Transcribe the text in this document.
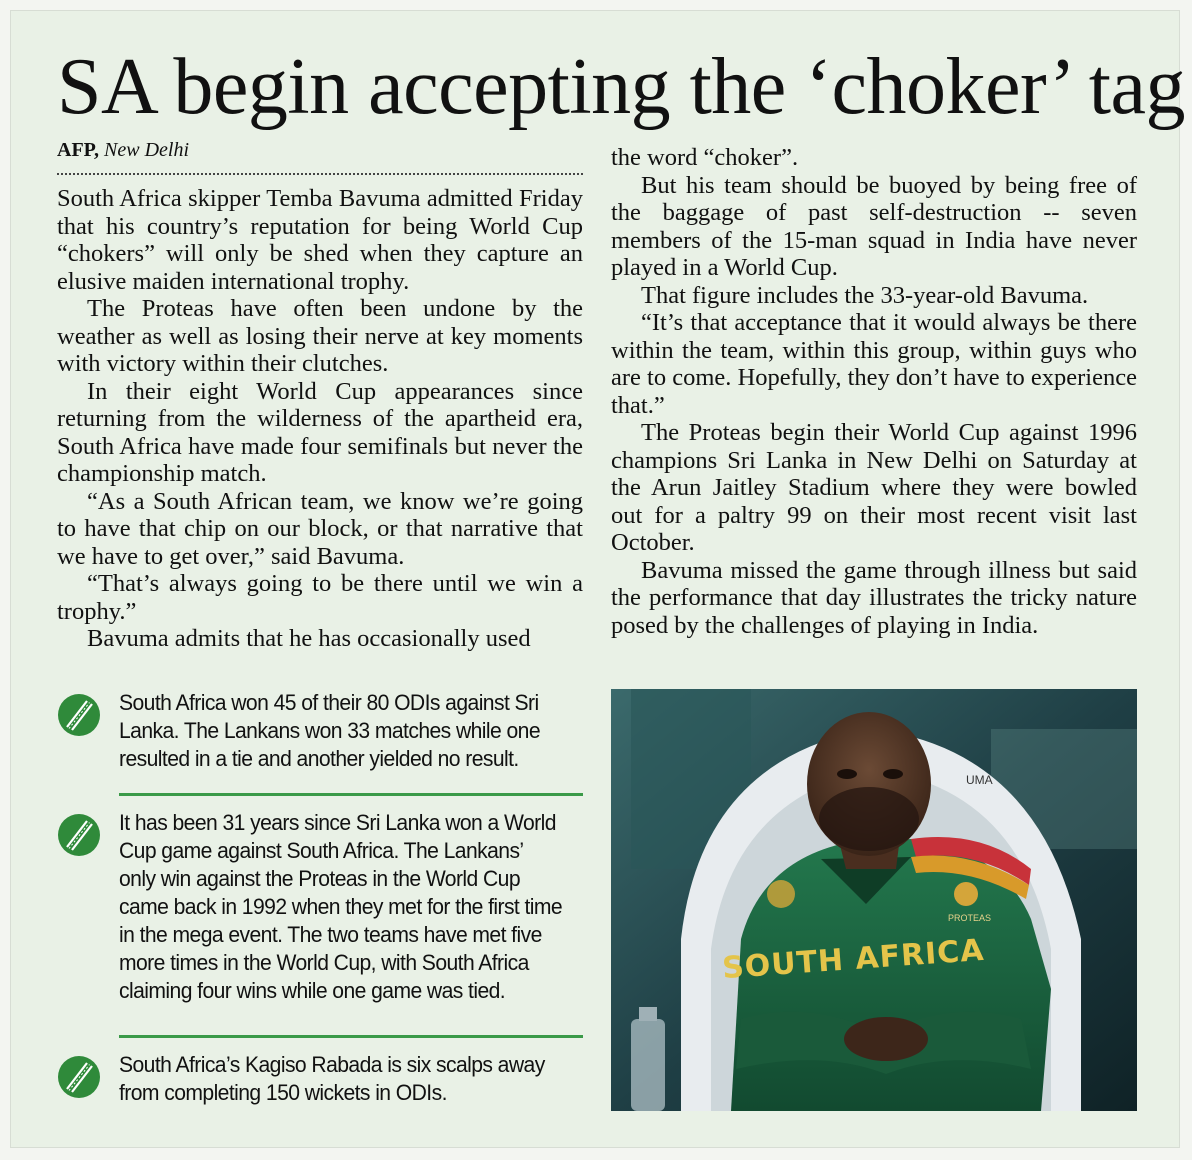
SA begin accepting the ‘choker’ tag
AFP, New Delhi

South Africa skipper Temba Bavuma admitted Friday that his country’s reputation for being World Cup “chokers” will only be shed when they capture an elusive maiden international trophy.

The Proteas have often been undone by the weather as well as losing their nerve at key moments with victory within their clutches.

In their eight World Cup appearances since returning from the wilderness of the apartheid era, South Africa have made four semifinals but never the championship match.

“As a South African team, we know we’re going to have that chip on our block, or that narrative that we have to get over,” said Bavuma.

“That’s always going to be there until we win a trophy.”

Bavuma admits that he has occasionally used

the word “choker”.

But his team should be buoyed by being free of the baggage of past self-destruction -- seven members of the 15-man squad in India have never played in a World Cup.

That figure includes the 33-year-old Bavuma.

“It’s that acceptance that it would always be there within the team, within this group, within guys who are to come. Hopefully, they don’t have to experience that.”

The Proteas begin their World Cup against 1996 champions Sri Lanka in New Delhi on Saturday at the Arun Jaitley Stadium where they were bowled out for a paltry 99 on their most recent visit last October.

Bavuma missed the game through illness but said the performance that day illustrates the tricky nature posed by the challenges of playing in India.

South Africa won 45 of their 80 ODIs against Sri Lanka. The Lankans won 33 matches while one resulted in a tie and another yielded no result.
It has been 31 years since Sri Lanka won a World Cup game against South Africa. The Lankans’ only win against the Proteas in the World Cup came back in 1992 when they met for the first time in the mega event. The two teams have met five more times in the World Cup, with South Africa claiming four wins while one game was tied.
South Africa’s Kagiso Rabada is six scalps away from completing 150 wickets in ODIs.
UMA
PROTEAS
SOUTH AFRICA
